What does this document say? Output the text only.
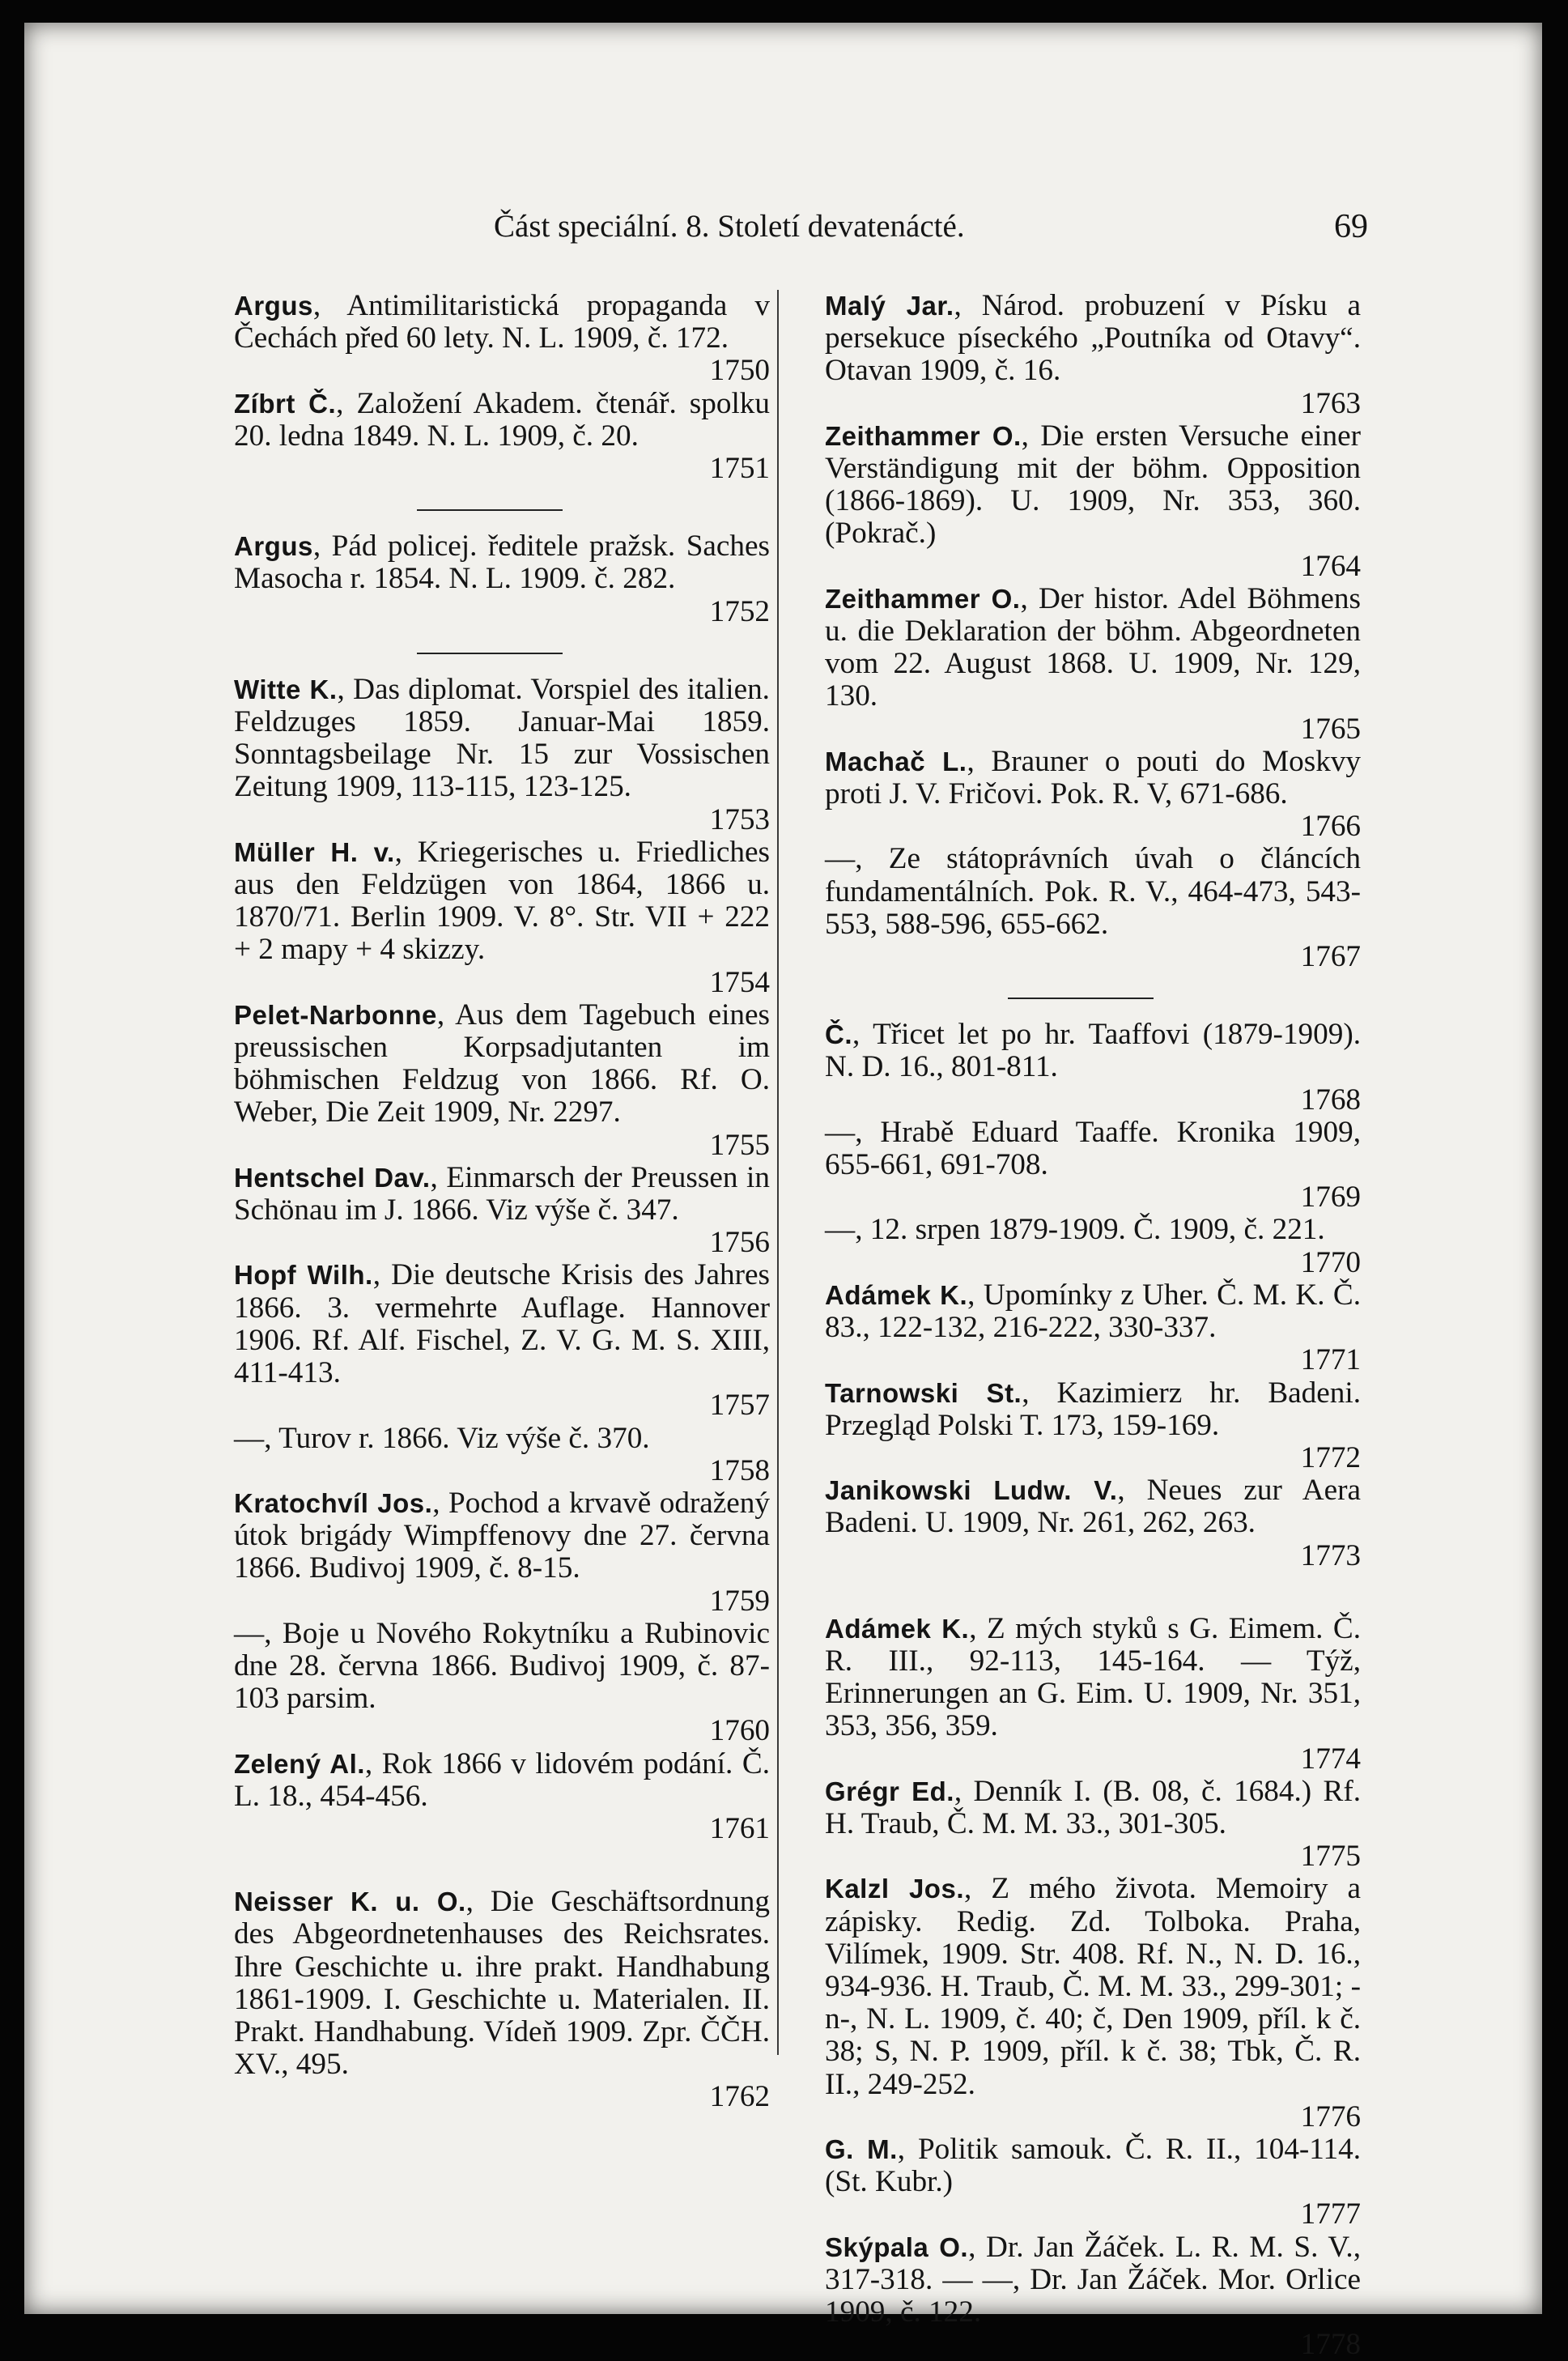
Část speciální. 8. Století devatenácté.	69
Argus, Antimilitaristická propaganda v Čechách před 60 lety. N. L. 1909, č. 172.
1750
Zíbrt Č., Založení Akadem. čtenář. spolku 20. ledna 1849. N. L. 1909, č. 20.
1751
Argus, Pád policej. ředitele pražsk. Saches Masocha r. 1854. N. L. 1909. č. 282.
1752
Witte K., Das diplomat. Vorspiel des italien. Feldzuges 1859. Januar-Mai 1859. Sonntagsbeilage Nr. 15 zur Vossischen Zeitung 1909, 113-115, 123-125.
1753
Müller H. v., Kriegerisches u. Friedliches aus den Feldzügen von 1864, 1866 u. 1870/71. Berlin 1909. V. 8°. Str. VII + 222 + 2 mapy + 4 skizzy.
1754
Pelet-Narbonne, Aus dem Tagebuch eines preussischen Korpsadjutanten im böhmischen Feldzug von 1866. Rf. O. Weber, Die Zeit 1909, Nr. 2297.
1755
Hentschel Dav., Einmarsch der Preussen in Schönau im J. 1866. Viz výše č. 347.
1756
Hopf Wilh., Die deutsche Krisis des Jahres 1866. 3. vermehrte Auflage. Hannover 1906. Rf. Alf. Fischel, Z. V. G. M. S. XIII, 411-413.
1757
—, Turov r. 1866. Viz výše č. 370.
1758
Kratochvíl Jos., Pochod a krvavě odražený útok brigády Wimpffenovy dne 27. června 1866. Budivoj 1909, č. 8-15.
1759
—, Boje u Nového Rokytníku a Rubinovic dne 28. června 1866. Budivoj 1909, č. 87-103 parsim.
1760
Zelený Al., Rok 1866 v lidovém podání. Č. L. 18., 454-456.
1761
Neisser K. u. O., Die Geschäftsordnung des Abgeordnetenhauses des Reichsrates. Ihre Geschichte u. ihre prakt. Handhabung 1861-1909. I. Geschichte u. Materialen. II. Prakt. Handhabung. Vídeň 1909. Zpr. ČČH. XV., 495.
1762
Malý Jar., Národ. probuzení v Písku a persekuce píseckého „Poutníka od Otavy“. Otavan 1909, č. 16.
1763
Zeithammer O., Die ersten Versuche einer Verständigung mit der böhm. Opposition (1866-1869). U. 1909, Nr. 353, 360. (Pokrač.)
1764
Zeithammer O., Der histor. Adel Böhmens u. die Deklaration der böhm. Abgeordneten vom 22. August 1868. U. 1909, Nr. 129, 130.
1765
Machač L., Brauner o pouti do Moskvy proti J. V. Fričovi. Pok. R. V, 671-686.
1766
—, Ze státoprávních úvah o článcích fundamentálních. Pok. R. V., 464-473, 543-553, 588-596, 655-662.
1767
Č., Třicet let po hr. Taaffovi (1879-1909). N. D. 16., 801-811.
1768
—, Hrabě Eduard Taaffe. Kronika 1909, 655-661, 691-708.
1769
—, 12. srpen 1879-1909. Č. 1909, č. 221.
1770
Adámek K., Upomínky z Uher. Č. M. K. Č. 83., 122-132, 216-222, 330-337.
1771
Tarnowski St., Kazimierz hr. Badeni. Przegląd Polski T. 173, 159-169.
1772
Janikowski Ludw. V., Neues zur Aera Badeni. U. 1909, Nr. 261, 262, 263.
1773
Adámek K., Z mých styků s G. Eimem. Č. R. III., 92-113, 145-164. — Týž, Erinnerungen an G. Eim. U. 1909, Nr. 351, 353, 356, 359.
1774
Grégr Ed., Denník I. (B. 08, č. 1684.) Rf. H. Traub, Č. M. M. 33., 301-305.
1775
Kalzl Jos., Z mého života. Memoiry a zápisky. Redig. Zd. Tolboka. Praha, Vilímek, 1909. Str. 408. Rf. N., N. D. 16., 934-936. H. Traub, Č. M. M. 33., 299-301; -n-, N. L. 1909, č. 40; č, Den 1909, příl. k č. 38; S, N. P. 1909, příl. k č. 38; Tbk, Č. R. II., 249-252.
1776
G. M., Politik samouk. Č. R. II., 104-114. (St. Kubr.)
1777
Skýpala O., Dr. Jan Žáček. L. R. M. S. V., 317-318. — —, Dr. Jan Žáček. Mor. Orlice 1909, č. 122.
1778
